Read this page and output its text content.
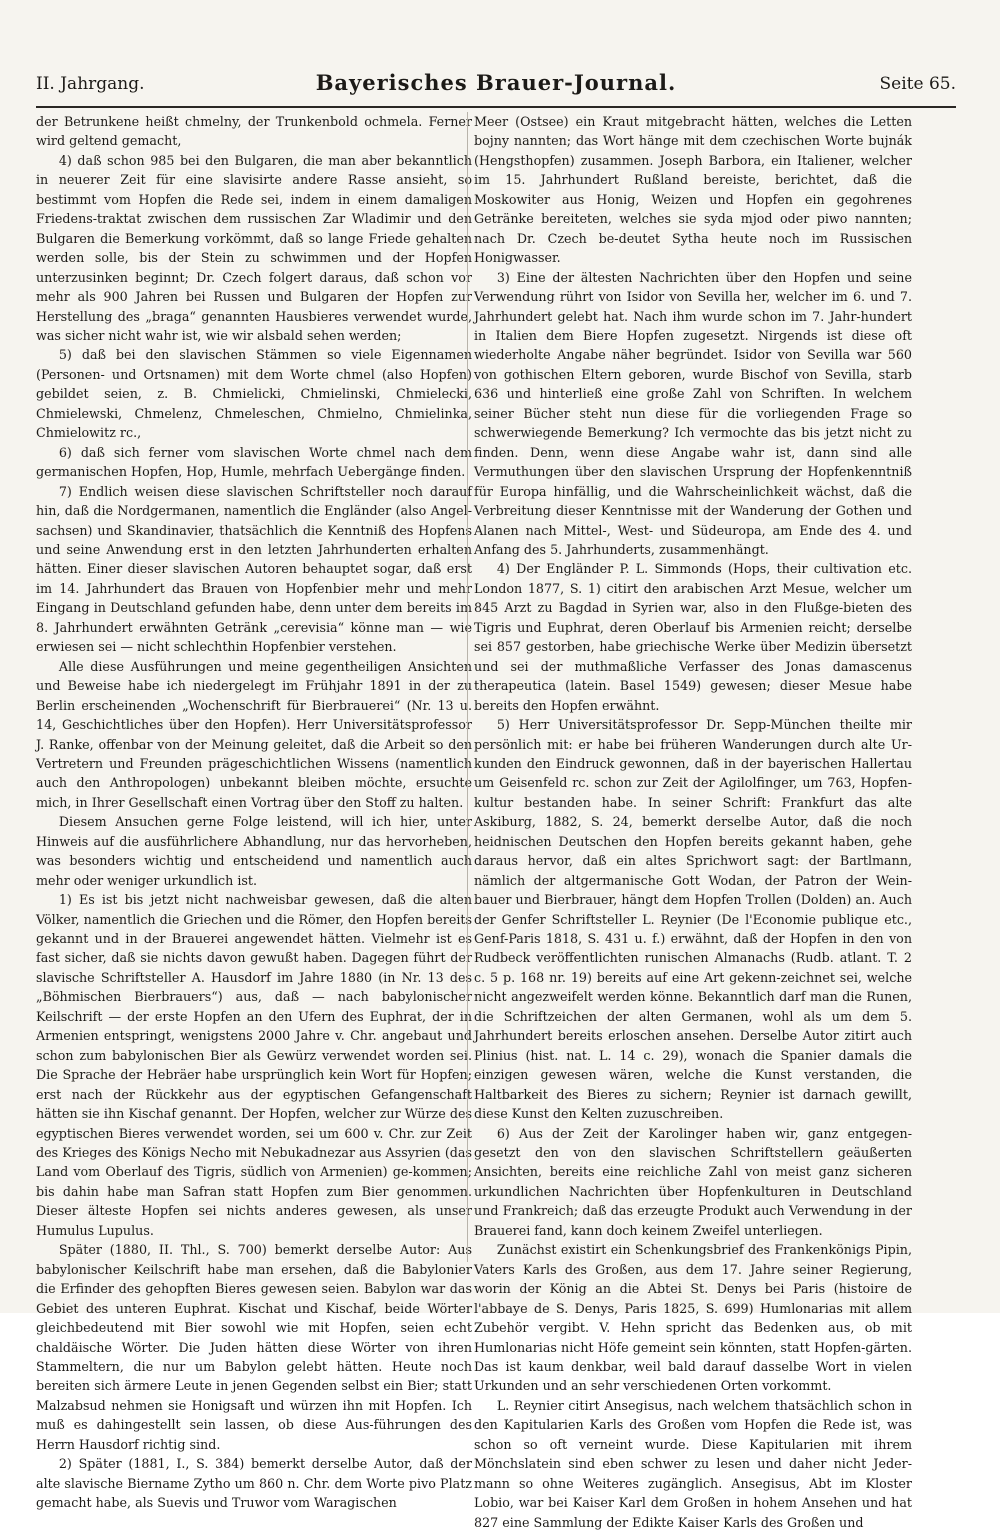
II. Jahrgang.	Bayerisches Brauer-Journal.	Seite 65.

der Betrunkene heißt chmelny, der Trunkenbold ochmela. Ferner wird geltend gemacht,

4) daß schon 985 bei den Bulgaren, die man aber bekanntlich in neuerer Zeit für eine slavisirte andere Rasse ansieht, so bestimmt vom Hopfen die Rede sei, indem in einem damaligen Friedens-traktat zwischen dem russischen Zar Wladimir und den Bulgaren die Bemerkung vorkömmt, daß so lange Friede gehalten werden solle, bis der Stein zu schwimmen und der Hopfen unterzusinken beginnt; Dr. Czech folgert daraus, daß schon vor mehr als 900 Jahren bei Russen und Bulgaren der Hopfen zur Herstellung des „braga“ genannten Hausbieres verwendet wurde, was sicher nicht wahr ist, wie wir alsbald sehen werden;

5) daß bei den slavischen Stämmen so viele Eigennamen (Personen- und Ortsnamen) mit dem Worte chmel (also Hopfen) gebildet seien, z. B. Chmielicki, Chmielinski, Chmielecki, Chmielewski, Chmelenz, Chmeleschen, Chmielno, Chmielinka, Chmielowitz rc.,

6) daß sich ferner vom slavischen Worte chmel nach dem germanischen Hopfen, Hop, Humle, mehrfach Uebergänge finden.

7) Endlich weisen diese slavischen Schriftsteller noch darauf hin, daß die Nordgermanen, namentlich die Engländer (also Angel-sachsen) und Skandinavier, thatsächlich die Kenntniß des Hopfens und seine Anwendung erst in den letzten Jahrhunderten erhalten hätten. Einer dieser slavischen Autoren behauptet sogar, daß erst im 14. Jahrhundert das Brauen von Hopfenbier mehr und mehr Eingang in Deutschland gefunden habe, denn unter dem bereits im 8. Jahrhundert erwähnten Getränk „cerevisia“ könne man — wie erwiesen sei — nicht schlechthin Hopfenbier verstehen.

Alle diese Ausführungen und meine gegentheiligen Ansichten und Beweise habe ich niedergelegt im Frühjahr 1891 in der zu Berlin erscheinenden „Wochenschrift für Bierbrauerei“ (Nr. 13 u. 14, Geschichtliches über den Hopfen). Herr Universitätsprofessor J. Ranke, offenbar von der Meinung geleitet, daß die Arbeit so den Vertretern und Freunden prägeschichtlichen Wissens (namentlich auch den Anthropologen) unbekannt bleiben möchte, ersuchte mich, in Ihrer Gesellschaft einen Vortrag über den Stoff zu halten.

Diesem Ansuchen gerne Folge leistend, will ich hier, unter Hinweis auf die ausführlichere Abhandlung, nur das hervorheben, was besonders wichtig und entscheidend und namentlich auch mehr oder weniger urkundlich ist.

1) Es ist bis jetzt nicht nachweisbar gewesen, daß die alten Völker, namentlich die Griechen und die Römer, den Hopfen bereits gekannt und in der Brauerei angewendet hätten. Vielmehr ist es fast sicher, daß sie nichts davon gewußt haben. Dagegen führt der slavische Schriftsteller A. Hausdorf im Jahre 1880 (in Nr. 13 des „Böhmischen Bierbrauers“) aus, daß — nach babylonischer Keilschrift — der erste Hopfen an den Ufern des Euphrat, der in Armenien entspringt, wenigstens 2000 Jahre v. Chr. angebaut und schon zum babylonischen Bier als Gewürz verwendet worden sei. Die Sprache der Hebräer habe ursprünglich kein Wort für Hopfen; erst nach der Rückkehr aus der egyptischen Gefangenschaft hätten sie ihn Kischaf genannt. Der Hopfen, welcher zur Würze des egyptischen Bieres verwendet worden, sei um 600 v. Chr. zur Zeit des Krieges des Königs Necho mit Nebukadnezar aus Assyrien (das Land vom Oberlauf des Tigris, südlich von Armenien) ge-kommen; bis dahin habe man Safran statt Hopfen zum Bier genommen. Dieser älteste Hopfen sei nichts anderes gewesen, als unser Humulus Lupulus.

Später (1880, II. Thl., S. 700) bemerkt derselbe Autor: Aus babylonischer Keilschrift habe man ersehen, daß die Babylonier die Erfinder des gehopften Bieres gewesen seien. Babylon war das Gebiet des unteren Euphrat. Kischat und Kischaf, beide Wörter gleichbedeutend mit Bier sowohl wie mit Hopfen, seien echt chaldäische Wörter. Die Juden hätten diese Wörter von ihren Stammeltern, die nur um Babylon gelebt hätten. Heute noch bereiten sich ärmere Leute in jenen Gegenden selbst ein Bier; statt Malzabsud nehmen sie Honigsaft und würzen ihn mit Hopfen. Ich muß es dahingestellt sein lassen, ob diese Aus-führungen des Herrn Hausdorf richtig sind.

2) Später (1881, I., S. 384) bemerkt derselbe Autor, daß der alte slavische Biername Zytho um 860 n. Chr. dem Worte pivo Platz gemacht habe, als Suevis und Truwor vom Waragischen

Meer (Ostsee) ein Kraut mitgebracht hätten, welches die Letten bojny nannten; das Wort hänge mit dem czechischen Worte bujnák (Hengsthopfen) zusammen. Joseph Barbora, ein Italiener, welcher im 15. Jahrhundert Rußland bereiste, berichtet, daß die Moskowiter aus Honig, Weizen und Hopfen ein gegohrenes Getränke bereiteten, welches sie syda mjod oder piwo nannten; nach Dr. Czech be-deutet Sytha heute noch im Russischen Honigwasser.

3) Eine der ältesten Nachrichten über den Hopfen und seine Verwendung rührt von Isidor von Sevilla her, welcher im 6. und 7. Jahrhundert gelebt hat. Nach ihm wurde schon im 7. Jahr-hundert in Italien dem Biere Hopfen zugesetzt. Nirgends ist diese oft wiederholte Angabe näher begründet. Isidor von Sevilla war 560 von gothischen Eltern geboren, wurde Bischof von Sevilla, starb 636 und hinterließ eine große Zahl von Schriften. In welchem seiner Bücher steht nun diese für die vorliegenden Frage so schwerwiegende Bemerkung? Ich vermochte das bis jetzt nicht zu finden. Denn, wenn diese Angabe wahr ist, dann sind alle Vermuthungen über den slavischen Ursprung der Hopfenkenntniß für Europa hinfällig, und die Wahrscheinlichkeit wächst, daß die Verbreitung dieser Kenntnisse mit der Wanderung der Gothen und Alanen nach Mittel-, West- und Südeuropa, am Ende des 4. und Anfang des 5. Jahrhunderts, zusammenhängt.

4) Der Engländer P. L. Simmonds (Hops, their cultivation etc. London 1877, S. 1) citirt den arabischen Arzt Mesue, welcher um 845 Arzt zu Bagdad in Syrien war, also in den Flußge-bieten des Tigris und Euphrat, deren Oberlauf bis Armenien reicht; derselbe sei 857 gestorben, habe griechische Werke über Medizin übersetzt und sei der muthmaßliche Verfasser des Jonas damascenus therapeutica (latein. Basel 1549) gewesen; dieser Mesue habe bereits den Hopfen erwähnt.

5) Herr Universitätsprofessor Dr. Sepp-München theilte mir persönlich mit: er habe bei früheren Wanderungen durch alte Ur-kunden den Eindruck gewonnen, daß in der bayerischen Hallertau um Geisenfeld rc. schon zur Zeit der Agilolfinger, um 763, Hopfen-kultur bestanden habe. In seiner Schrift: Frankfurt das alte Askiburg, 1882, S. 24, bemerkt derselbe Autor, daß die noch heidnischen Deutschen den Hopfen bereits gekannt haben, gehe daraus hervor, daß ein altes Sprichwort sagt: der Bartlmann, nämlich der altgermanische Gott Wodan, der Patron der Wein-bauer und Bierbrauer, hängt dem Hopfen Trollen (Dolden) an. Auch der Genfer Schriftsteller L. Reynier (De l'Economie publique etc., Genf-Paris 1818, S. 431 u. f.) erwähnt, daß der Hopfen in den von Rudbeck veröffentlichten runischen Almanachs (Rudb. atlant. T. 2 c. 5 p. 168 nr. 19) bereits auf eine Art gekenn-zeichnet sei, welche nicht angezweifelt werden könne. Bekanntlich darf man die Runen, die Schriftzeichen der alten Germanen, wohl als um dem 5. Jahrhundert bereits erloschen ansehen. Derselbe Autor zitirt auch Plinius (hist. nat. L. 14 c. 29), wonach die Spanier damals die einzigen gewesen wären, welche die Kunst verstanden, die Haltbarkeit des Bieres zu sichern; Reynier ist darnach gewillt, diese Kunst den Kelten zuzuschreiben.

6) Aus der Zeit der Karolinger haben wir, ganz entgegen-gesetzt den von den slavischen Schriftstellern geäußerten Ansichten, bereits eine reichliche Zahl von meist ganz sicheren urkundlichen Nachrichten über Hopfenkulturen in Deutschland und Frankreich; daß das erzeugte Produkt auch Verwendung in der Brauerei fand, kann doch keinem Zweifel unterliegen.

Zunächst existirt ein Schenkungsbrief des Frankenkönigs Pipin, Vaters Karls des Großen, aus dem 17. Jahre seiner Regierung, worin der König an die Abtei St. Denys bei Paris (histoire de l'abbaye de S. Denys, Paris 1825, S. 699) Humlonarias mit allem Zubehör vergibt. V. Hehn spricht das Bedenken aus, ob mit Humlonarias nicht Höfe gemeint sein könnten, statt Hopfen-gärten. Das ist kaum denkbar, weil bald darauf dasselbe Wort in vielen Urkunden und an sehr verschiedenen Orten vorkommt.

L. Reynier citirt Ansegisus, nach welchem thatsächlich schon in den Kapitularien Karls des Großen vom Hopfen die Rede ist, was schon so oft verneint wurde. Diese Kapitularien mit ihrem Mönchslatein sind eben schwer zu lesen und daher nicht Jeder-mann so ohne Weiteres zugänglich. Ansegisus, Abt im Kloster Lobio, war bei Kaiser Karl dem Großen in hohem Ansehen und hat 827 eine Sammlung der Edikte Kaiser Karls des Großen und
